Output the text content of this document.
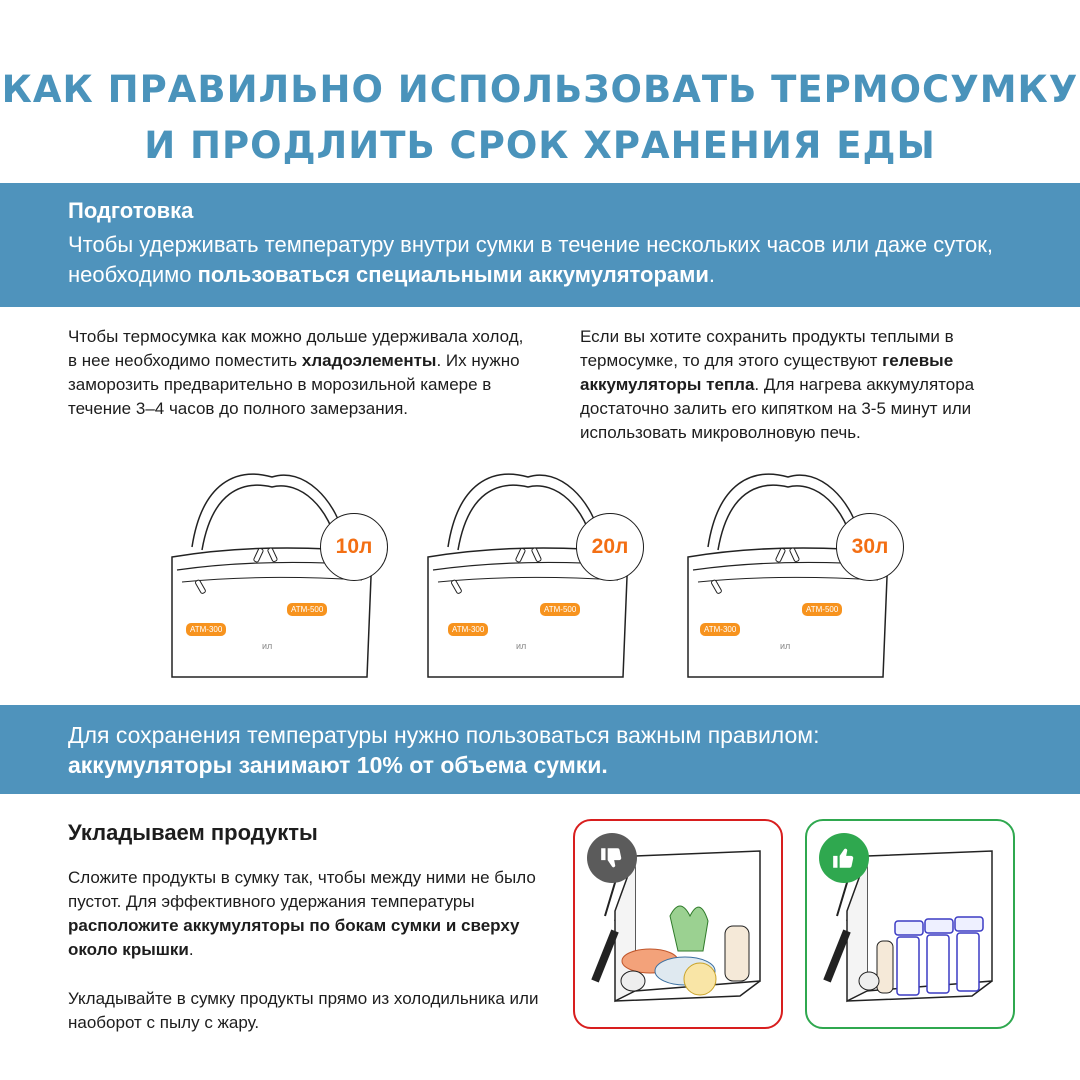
КАК ПРАВИЛЬНО ИСПОЛЬЗОВАТЬ ТЕРМОСУМКУ
И ПРОДЛИТЬ СРОК ХРАНЕНИЯ ЕДЫ
Подготовка
Чтобы удерживать температуру внутри сумки в течение нескольких часов или даже суток, необходимо пользоваться специальными аккумуляторами.
Чтобы термосумка как можно дольше удерживала холод, в нее необходимо поместить хладоэлементы. Их нужно заморозить предварительно в морозильной камере в течение 3–4 часов до полного замерзания.
Если вы хотите сохранить продукты теплыми в термосумке, то для этого существуют гелевые аккумуляторы тепла. Для нагрева аккумулятора достаточно залить его кипятком на 3-5 минут или использовать микроволновую печь.
10л
ATM-500
ATM-300
ил
20л
ATM-500
ATM-300
ил
30л
ATM-500
ATM-300
ил
Для сохранения температуры нужно пользоваться важным правилом:
аккумуляторы занимают 10% от объема сумки.
Укладываем продукты
Сложите продукты в сумку так, чтобы между ними не было пустот. Для эффективного удержания температуры расположите аккумуляторы по бокам сумки и сверху около крышки.
Укладывайте в сумку продукты прямо из холодильника или наоборот с пылу с жару.
